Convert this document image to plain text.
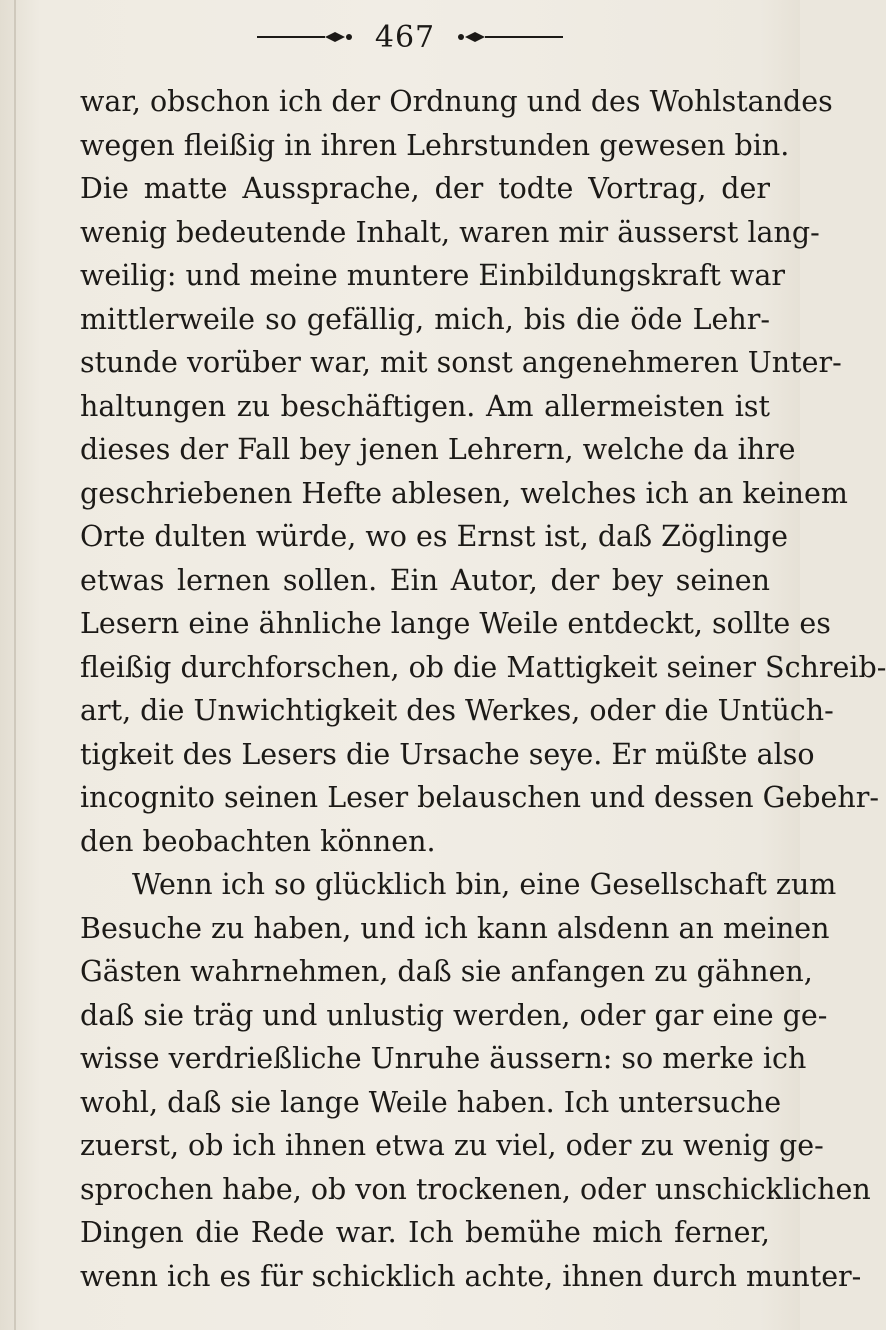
467
war, obschon ich der Ordnung und des Wohlstandes
wegen fleißig in ihren Lehrstunden gewesen bin.
Die matte Aussprache, der todte Vortrag, der
wenig bedeutende Inhalt, waren mir äusserst lang-
weilig: und meine muntere Einbildungskraft war
mittlerweile so gefällig, mich, bis die öde Lehr-
stunde vorüber war, mit sonst angenehmeren Unter-
haltungen zu beschäftigen. Am allermeisten ist
dieses der Fall bey jenen Lehrern, welche da ihre
geschriebenen Hefte ablesen, welches ich an keinem
Orte dulten würde, wo es Ernst ist, daß Zöglinge
etwas lernen sollen. Ein Autor, der bey seinen
Lesern eine ähnliche lange Weile entdeckt, sollte es
fleißig durchforschen, ob die Mattigkeit seiner Schreib-
art, die Unwichtigkeit des Werkes, oder die Untüch-
tigkeit des Lesers die Ursache seye. Er müßte also
incognito seinen Leser belauschen und dessen Gebehr-
den beobachten können.
Wenn ich so glücklich bin, eine Gesellschaft zum
Besuche zu haben, und ich kann alsdenn an meinen
Gästen wahrnehmen, daß sie anfangen zu gähnen,
daß sie träg und unlustig werden, oder gar eine ge-
wisse verdrießliche Unruhe äussern: so merke ich
wohl, daß sie lange Weile haben. Ich untersuche
zuerst, ob ich ihnen etwa zu viel, oder zu wenig ge-
sprochen habe, ob von trockenen, oder unschicklichen
Dingen die Rede war. Ich bemühe mich ferner,
wenn ich es für schicklich achte, ihnen durch munter-
